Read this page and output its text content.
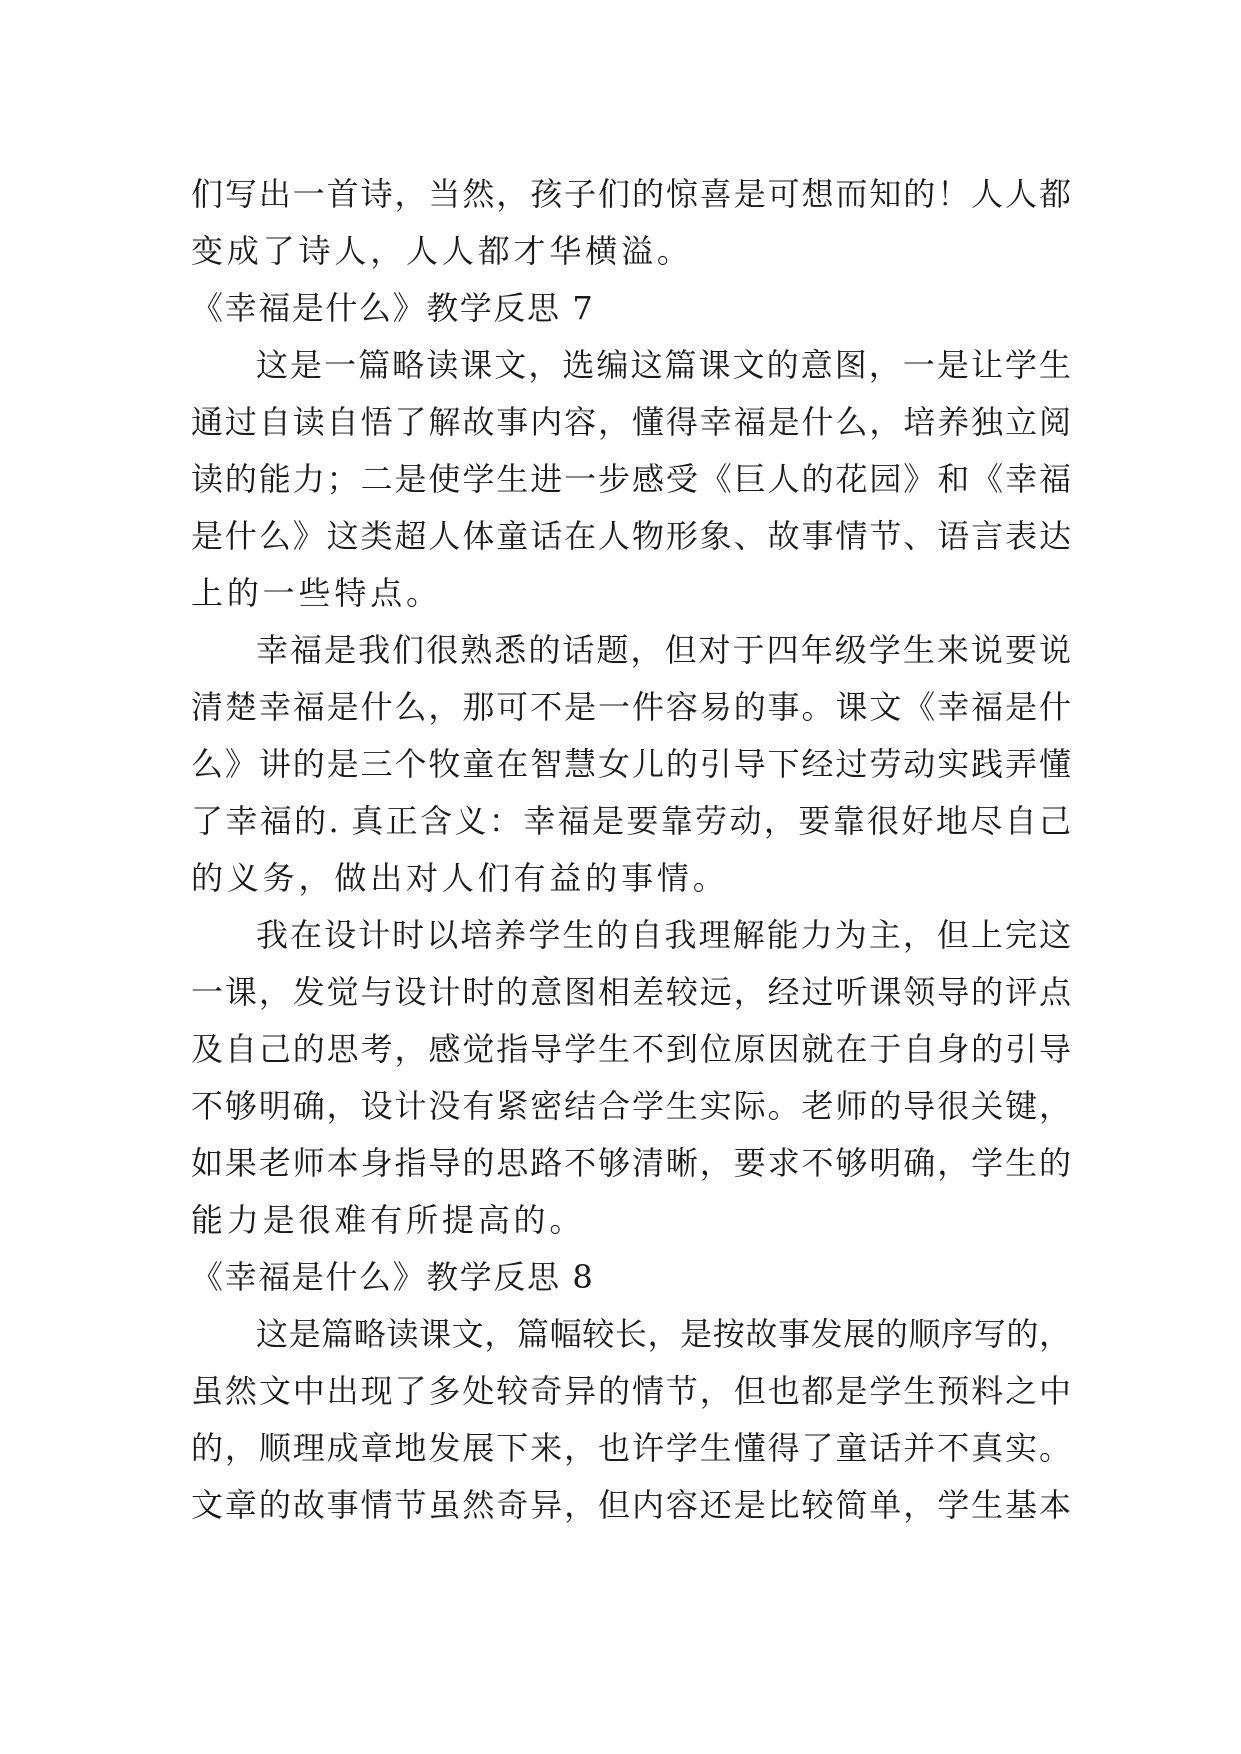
们写出一首诗，当然，孩子们的惊喜是可想而知的！人人都
变成了诗人，人人都才华横溢。
《幸福是什么》教学反思 7
这是一篇略读课文，选编这篇课文的意图，一是让学生
通过自读自悟了解故事内容，懂得幸福是什么，培养独立阅
读的能力；二是使学生进一步感受《巨人的花园》和《幸福
是什么》这类超人体童话在人物形象、故事情节、语言表达
上的一些特点。
幸福是我们很熟悉的话题，但对于四年级学生来说要说
清楚幸福是什么，那可不是一件容易的事。课文《幸福是什
么》讲的是三个牧童在智慧女儿的引导下经过劳动实践弄懂
了幸福的. 真正含义：幸福是要靠劳动，要靠很好地尽自己
的义务，做出对人们有益的事情。
我在设计时以培养学生的自我理解能力为主，但上完这
一课，发觉与设计时的意图相差较远，经过听课领导的评点
及自己的思考，感觉指导学生不到位原因就在于自身的引导
不够明确，设计没有紧密结合学生实际。老师的导很关键，
如果老师本身指导的思路不够清晰，要求不够明确，学生的
能力是很难有所提高的。
《幸福是什么》教学反思 8
这是篇略读课文，篇幅较长，是按故事发展的顺序写的，
虽然文中出现了多处较奇异的情节，但也都是学生预料之中
的，顺理成章地发展下来，也许学生懂得了童话并不真实。
文章的故事情节虽然奇异，但内容还是比较简单，学生基本
